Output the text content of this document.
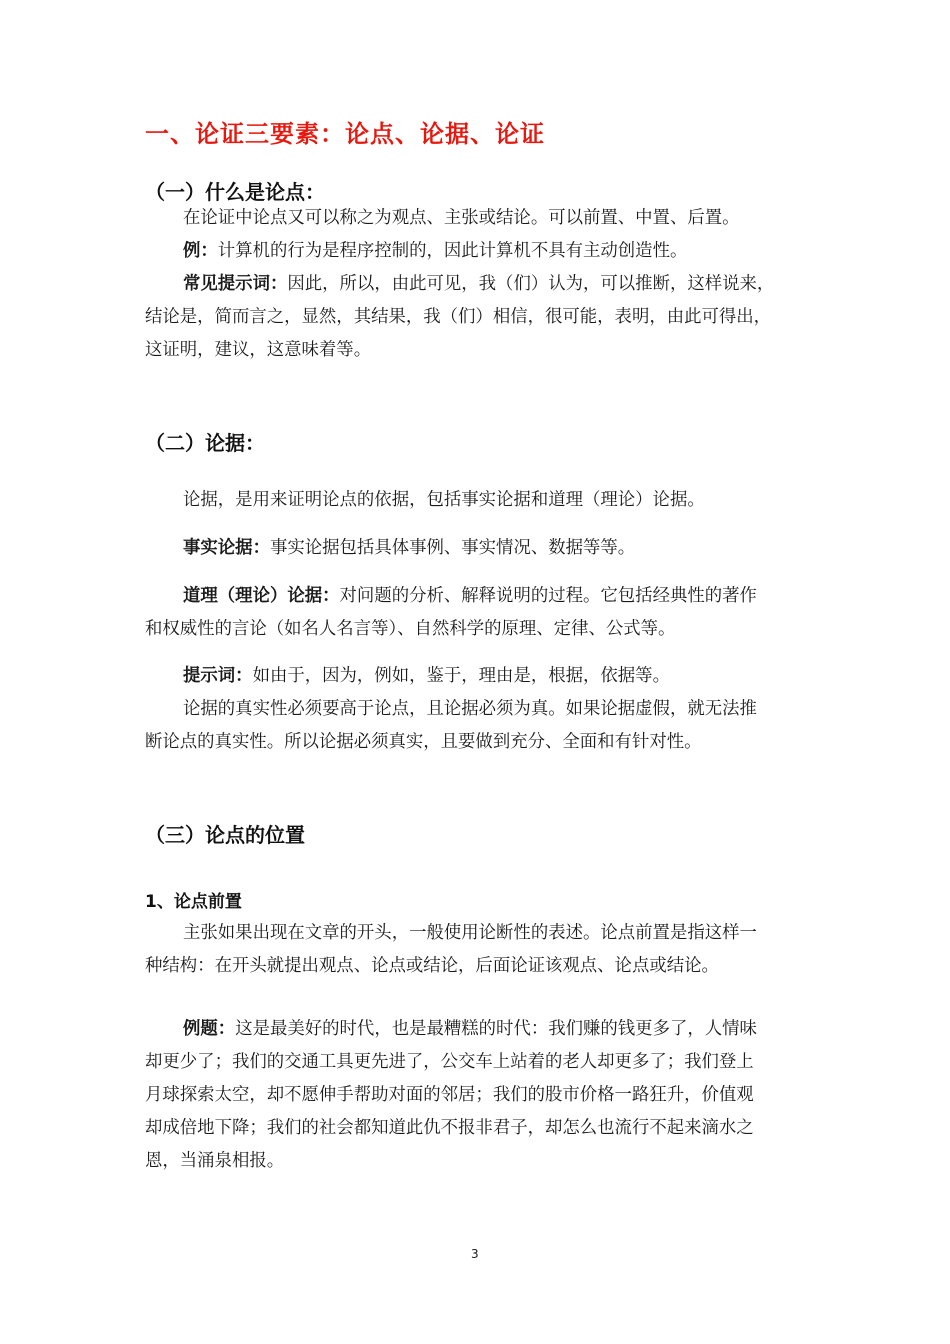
一、论证三要素：论点、论据、论证
（一）什么是论点：
在论证中论点又可以称之为观点、主张或结论。可以前置、中置、后置。
例：计算机的行为是程序控制的，因此计算机不具有主动创造性。
常见提示词：因此，所以，由此可见，我（们）认为，可以推断，这样说来，
结论是，简而言之，显然，其结果，我（们）相信，很可能，表明，由此可得出，
这证明，建议，这意味着等。
（二）论据：
论据，是用来证明论点的依据，包括事实论据和道理（理论）论据。
事实论据：事实论据包括具体事例、事实情况、数据等等。
道理（理论）论据：对问题的分析、解释说明的过程。它包括经典性的著作
和权威性的言论（如名人名言等）、自然科学的原理、定律、公式等。
提示词：如由于，因为，例如，鉴于，理由是，根据，依据等。
论据的真实性必须要高于论点，且论据必须为真。如果论据虚假，就无法推
断论点的真实性。所以论据必须真实，且要做到充分、全面和有针对性。
（三）论点的位置
1、论点前置
主张如果出现在文章的开头，一般使用论断性的表述。论点前置是指这样一
种结构：在开头就提出观点、论点或结论，后面论证该观点、论点或结论。
例题：这是最美好的时代，也是最糟糕的时代：我们赚的钱更多了，人情味
却更少了；我们的交通工具更先进了，公交车上站着的老人却更多了；我们登上
月球探索太空，却不愿伸手帮助对面的邻居；我们的股市价格一路狂升，价值观
却成倍地下降；我们的社会都知道此仇不报非君子，却怎么也流行不起来滴水之
恩，当涌泉相报。
3
